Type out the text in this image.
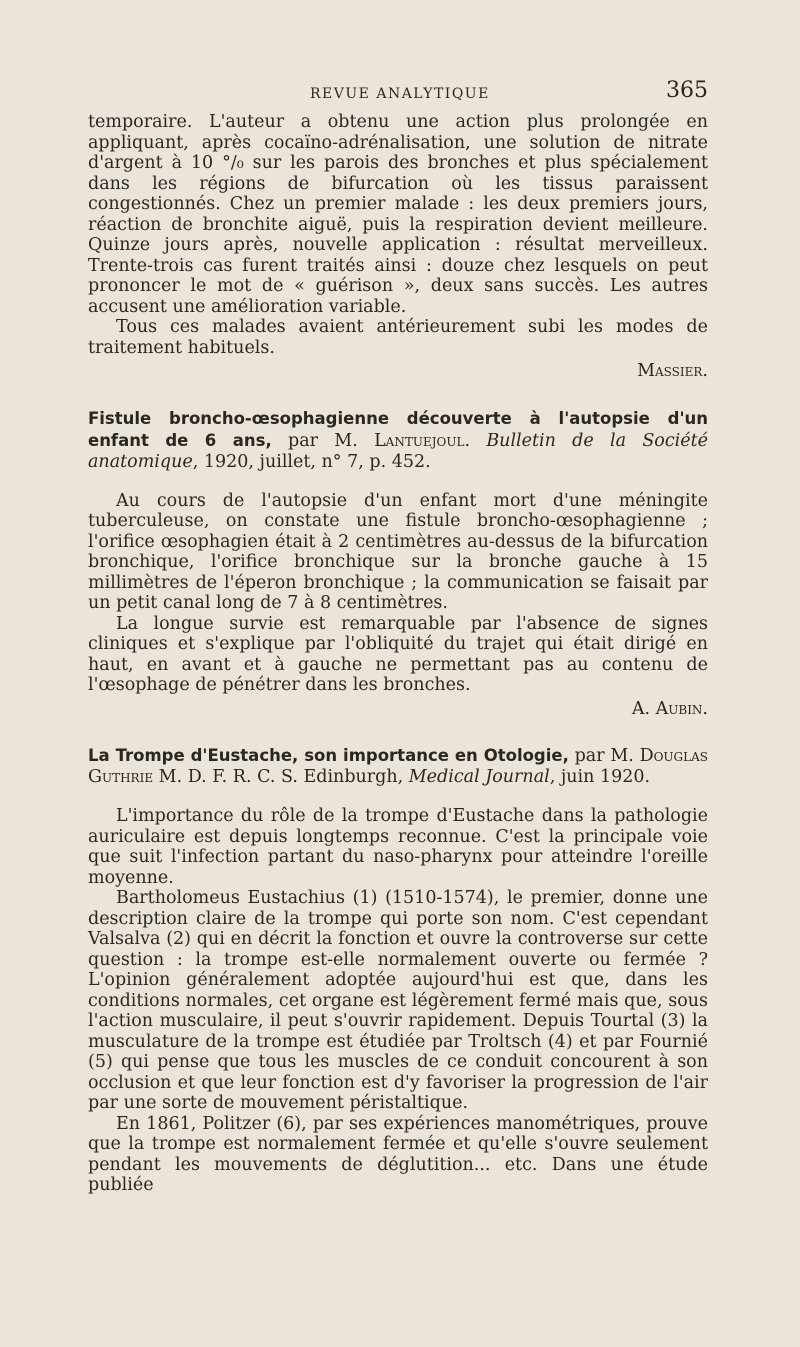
REVUE ANALYTIQUE	365

temporaire. L'auteur a obtenu une action plus prolongée en appliquant, après cocaïno-adrénalisation, une solution de nitrate d'argent à 10 °/₀ sur les parois des bronches et plus spécialement dans les régions de bifurcation où les tissus paraissent congestionnés. Chez un premier malade : les deux premiers jours, réaction de bronchite aiguë, puis la respiration devient meilleure. Quinze jours après, nouvelle application : résultat merveilleux. Trente-trois cas furent traités ainsi : douze chez lesquels on peut prononcer le mot de « guérison », deux sans succès. Les autres accusent une amélioration variable.

Tous ces malades avaient antérieurement subi les modes de traitement habituels.

Massier.
Fistule broncho-œsophagienne découverte à l'autopsie d'un enfant de 6 ans, par M. Lantuejoul. Bulletin de la Société anatomique, 1920, juillet, n° 7, p. 452.

Au cours de l'autopsie d'un enfant mort d'une méningite tuberculeuse, on constate une fistule broncho-œsophagienne ; l'orifice œsophagien était à 2 centimètres au-dessus de la bifurcation bronchique, l'orifice bronchique sur la bronche gauche à 15 millimètres de l'éperon bronchique ; la communication se faisait par un petit canal long de 7 à 8 centimètres.

La longue survie est remarquable par l'absence de signes cliniques et s'explique par l'obliquité du trajet qui était dirigé en haut, en avant et à gauche ne permettant pas au contenu de l'œsophage de pénétrer dans les bronches.

A. Aubin.
La Trompe d'Eustache, son importance en Otologie, par M. Douglas Guthrie M. D. F. R. C. S. Edinburgh, Medical Journal, juin 1920.

L'importance du rôle de la trompe d'Eustache dans la pathologie auriculaire est depuis longtemps reconnue. C'est la principale voie que suit l'infection partant du naso-pharynx pour atteindre l'oreille moyenne.

Bartholomeus Eustachius (1) (1510-1574), le premier, donne une description claire de la trompe qui porte son nom. C'est cependant Valsalva (2) qui en décrit la fonction et ouvre la controverse sur cette question : la trompe est-elle normalement ouverte ou fermée ? L'opinion généralement adoptée aujourd'hui est que, dans les conditions normales, cet organe est légèrement fermé mais que, sous l'action musculaire, il peut s'ouvrir rapidement. Depuis Tourtal (3) la musculature de la trompe est étudiée par Troltsch (4) et par Fournié (5) qui pense que tous les muscles de ce conduit concourent à son occlusion et que leur fonction est d'y favoriser la progression de l'air par une sorte de mouvement péristaltique.

En 1861, Politzer (6), par ses expériences manométriques, prouve que la trompe est normalement fermée et qu'elle s'ouvre seulement pendant les mouvements de déglutition... etc. Dans une étude publiée
